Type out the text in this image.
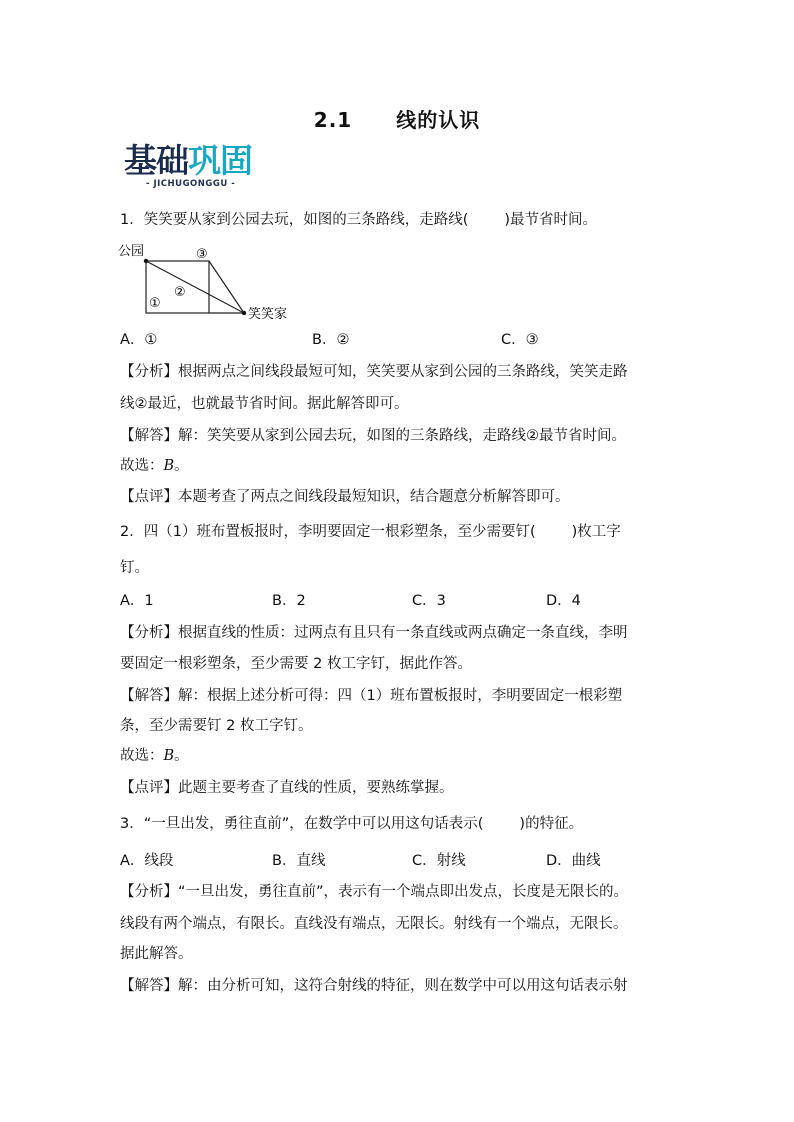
2.1 线的认识
基础巩固
- JICHUGONGGU -
1．笑笑要从家到公园去玩，如图的三条路线，走路线( )最节省时间。
公园	③
②
①
笑笑家
A．①	B．②	C．③
【分析】根据两点之间线段最短可知，笑笑要从家到公园的三条路线，笑笑走路
线②最近，也就最节省时间。据此解答即可。
【解答】解：笑笑要从家到公园去玩，如图的三条路线，走路线②最节省时间。
故选：B。
【点评】本题考查了两点之间线段最短知识，结合题意分析解答即可。
2．四（1）班布置板报时，李明要固定一根彩塑条，至少需要钉( )枚工字
钉。
A．1	B．2	C．3	D．4
【分析】根据直线的性质：过两点有且只有一条直线或两点确定一条直线，李明
要固定一根彩塑条，至少需要 2 枚工字钉，据此作答。
【解答】解：根据上述分析可得：四（1）班布置板报时，李明要固定一根彩塑
条，至少需要钉 2 枚工字钉。
故选：B。
【点评】此题主要考查了直线的性质，要熟练掌握。
3．“一旦出发，勇往直前”，在数学中可以用这句话表示( )的特征。
A．线段	B．直线	C．射线	D．曲线
【分析】“一旦出发，勇往直前”，表示有一个端点即出发点，长度是无限长的。
线段有两个端点，有限长。直线没有端点，无限长。射线有一个端点，无限长。
据此解答。
【解答】解：由分析可知，这符合射线的特征，则在数学中可以用这句话表示射
